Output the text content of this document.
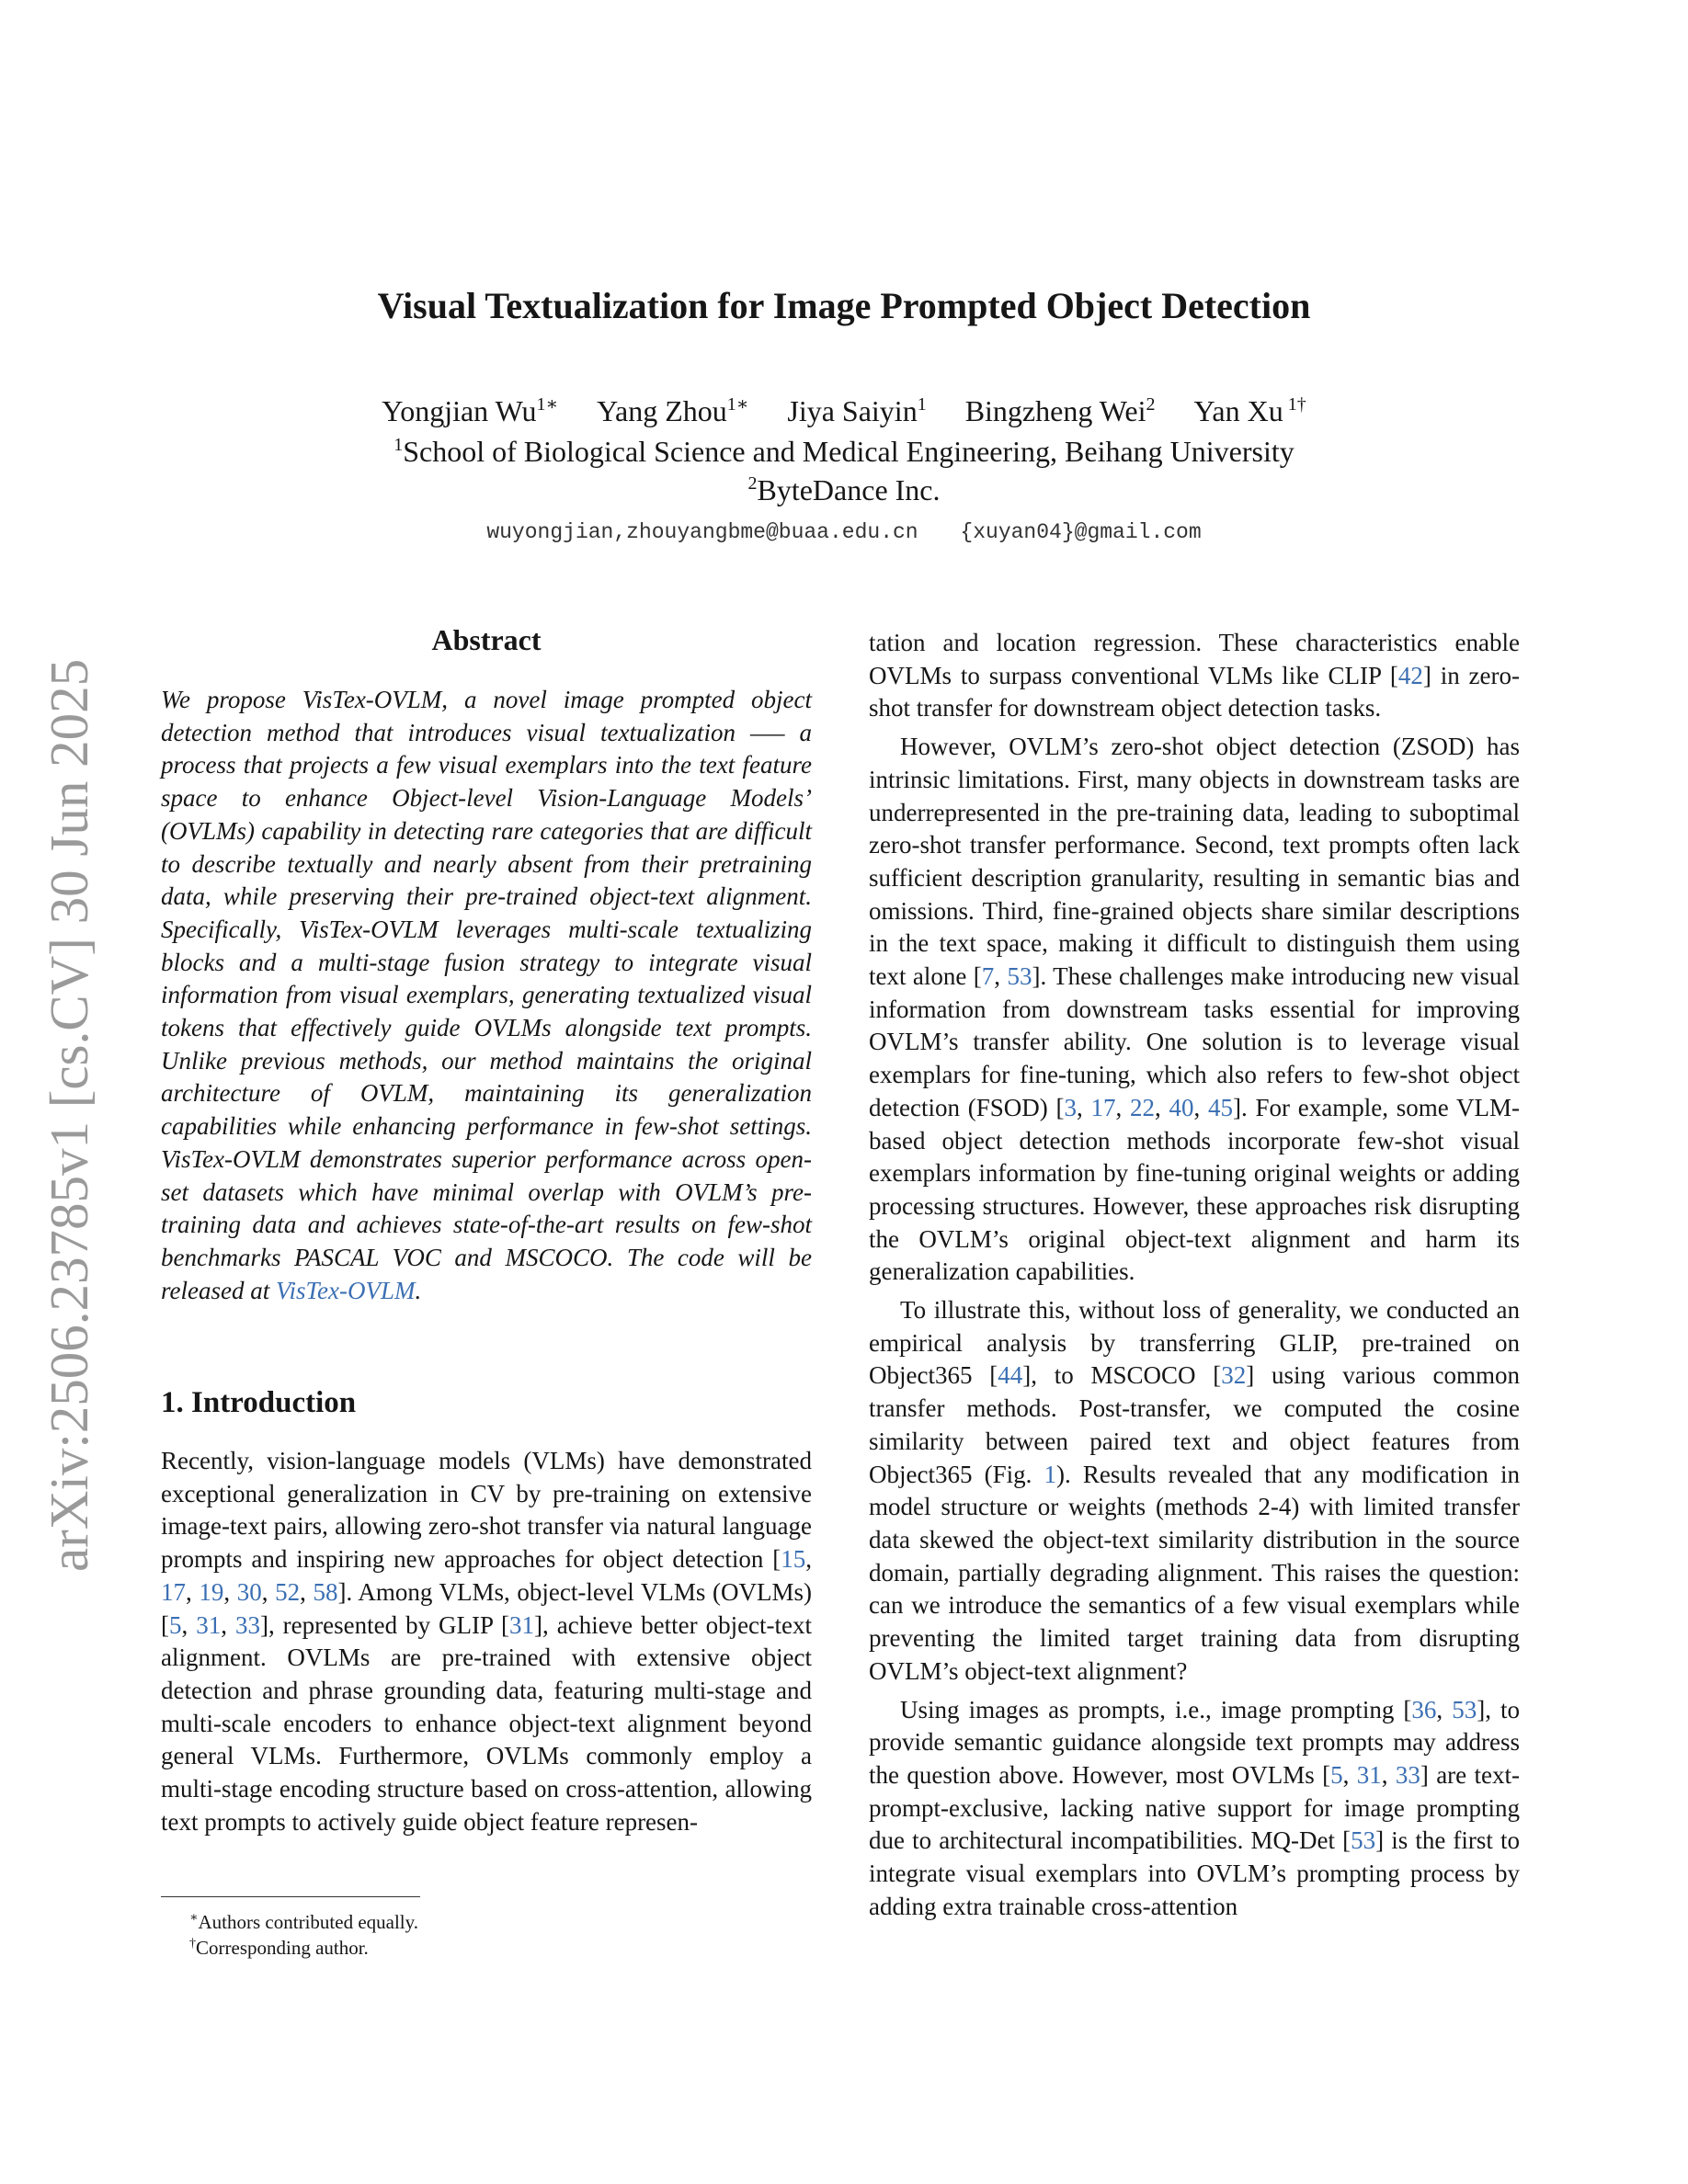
arXiv:2506.23785v1 [cs.CV] 30 Jun 2025
Visual Textualization for Image Prompted Object Detection
Yongjian $Wu^{1∗}$ Yang Zhou$^{1∗}$ Jiya Saiyin$^1$ Bingzheng Wei$^2$ Yan Xu $^{1\dagger}$
$^1$School of Biological Science and Medical Engineering, Beihang University
$^2$ByteDance Inc.
wuyongjian,zhouyangbme@buaa.edu.cn {xuyan04}@gmail.com
Abstract

We propose VisTex-OVLM, a novel image prompted object detection method that introduces visual textualization —– a process that projects a few visual exemplars into the text feature space to enhance Object-level Vision-Language Models’ (OVLMs) capability in detecting rare categories that are difficult to describe textually and nearly absent from their pretraining data, while preserving their pre-trained object-text alignment. Specifically, VisTex-OVLM leverages multi-scale textualizing blocks and a multi-stage fusion strategy to integrate visual information from visual exemplars, generating textualized visual tokens that effectively guide OVLMs alongside text prompts. Unlike previous methods, our method maintains the original architecture of OVLM, maintaining its generalization capabilities while enhancing performance in few-shot settings. VisTex-OVLM demonstrates superior performance across open-set datasets which have minimal overlap with OVLM’s pre-training data and achieves state-of-the-art results on few-shot benchmarks PASCAL VOC and MSCOCO. The code will be released at VisTex-OVLM.

1. Introduction

Recently, vision-language models (VLMs) have demonstrated exceptional generalization in CV by pre-training on extensive image-text pairs, allowing zero-shot transfer via natural language prompts and inspiring new approaches for object detection [15, 17, 19, 30, 52, 58]. Among VLMs, object-level VLMs (OVLMs) [5, 31, 33], represented by GLIP [31], achieve better object-text alignment. OVLMs are pre-trained with extensive object detection and phrase grounding data, featuring multi-stage and multi-scale encoders to enhance object-text alignment beyond general VLMs. Furthermore, OVLMs commonly employ a multi-stage encoding structure based on cross-attention, allowing text prompts to actively guide object feature represen-

tation and location regression. These characteristics enable OVLMs to surpass conventional VLMs like CLIP [42] in zero-shot transfer for downstream object detection tasks.

However, OVLM’s zero-shot object detection (ZSOD) has intrinsic limitations. First, many objects in downstream tasks are underrepresented in the pre-training data, leading to suboptimal zero-shot transfer performance. Second, text prompts often lack sufficient description granularity, resulting in semantic bias and omissions. Third, fine-grained objects share similar descriptions in the text space, making it difficult to distinguish them using text alone [7, 53]. These challenges make introducing new visual information from downstream tasks essential for improving OVLM’s transfer ability. One solution is to leverage visual exemplars for fine-tuning, which also refers to few-shot object detection (FSOD) [3, 17, 22, 40, 45]. For example, some VLM-based object detection methods incorporate few-shot visual exemplars information by fine-tuning original weights or adding processing structures. However, these approaches risk disrupting the OVLM’s original object-text alignment and harm its generalization capabilities.

To illustrate this, without loss of generality, we conducted an empirical analysis by transferring GLIP, pre-trained on Object365 [44], to MSCOCO [32] using various common transfer methods. Post-transfer, we computed the cosine similarity between paired text and object features from Object365 (Fig. 1). Results revealed that any modification in model structure or weights (methods 2-4) with limited transfer data skewed the object-text similarity distribution in the source domain, partially degrading alignment. This raises the question: can we introduce the semantics of a few visual exemplars while preventing the limited target training data from disrupting OVLM’s object-text alignment?

Using images as prompts, i.e., image prompting [36, 53], to provide semantic guidance alongside text prompts may address the question above. However, most OVLMs [5, 31, 33] are text-prompt-exclusive, lacking native support for image prompting due to architectural incompatibilities. MQ-Det [53] is the first to integrate visual exemplars into OVLM’s prompting process by adding extra trainable cross-attention

∗Authors contributed equally.
†Corresponding author.
